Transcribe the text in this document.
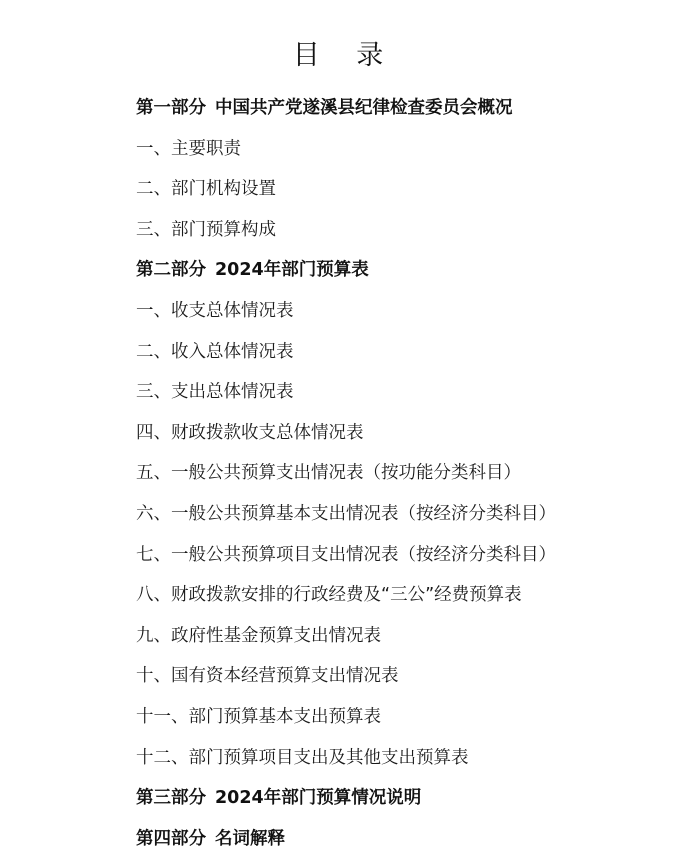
目 录
第一部分 中国共产党遂溪县纪律检查委员会概况
一、主要职责
二、部门机构设置
三、部门预算构成
第二部分 2024年部门预算表
一、收支总体情况表
二、收入总体情况表
三、支出总体情况表
四、财政拨款收支总体情况表
五、一般公共预算支出情况表（按功能分类科目）
六、一般公共预算基本支出情况表（按经济分类科目）
七、一般公共预算项目支出情况表（按经济分类科目）
八、财政拨款安排的行政经费及“三公”经费预算表
九、政府性基金预算支出情况表
十、国有资本经营预算支出情况表
十一、部门预算基本支出预算表
十二、部门预算项目支出及其他支出预算表
第三部分 2024年部门预算情况说明
第四部分 名词解释
